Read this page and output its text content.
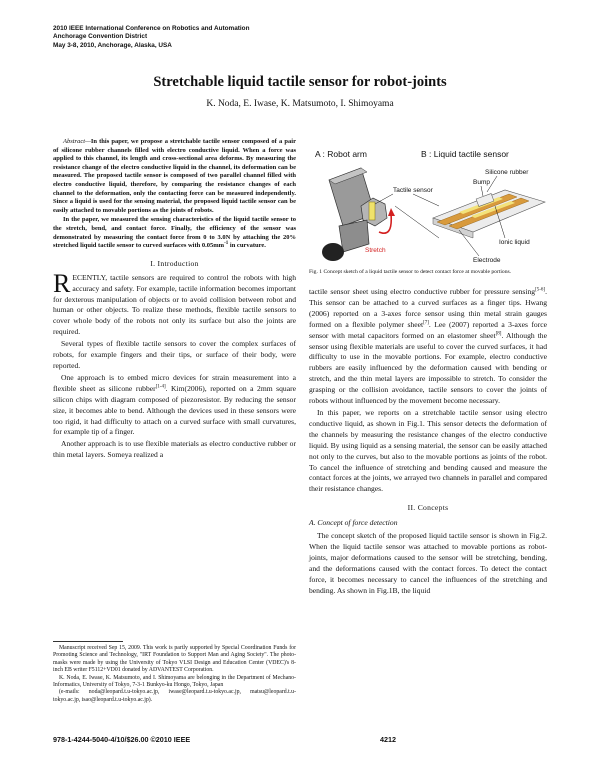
2010 IEEE International Conference on Robotics and Automation
Anchorage Convention District
May 3-8, 2010, Anchorage, Alaska, USA
Stretchable liquid tactile sensor for robot-joints
K. Noda, E. Iwase, K. Matsumoto, I. Shimoyama

Abstract—In this paper, we propose a stretchable tactile sensor composed of a pair of silicone rubber channels filled with electro conductive liquid. When a force was applied to this channel, its length and cross-sectional area deforms. By measuring the resistance change of the electro conductive liquid in the channel, its deformation can be measured. The proposed tactile sensor is composed of two parallel channel filled with electro conductive liquid, therefore, by comparing the resistance changes of each channel to the deformation, only the contacting force can be measured independently. Since a liquid is used for the sensing material, the proposed liquid tactile sensor can be easily attached to movable portions as the joints of robots.

In the paper, we measured the sensing characteristics of the liquid tactile sensor to the stretch, bend, and contact force. Finally, the efficiency of the sensor was demonstrated by measuring the contact force from 0 to 3.0N by attaching the 20% stretched liquid tactile sensor to curved surfaces with $0.05mm^{-1}$ in curvature.

I. Introduction

RECENTLY, tactile sensors are required to control the robots with high accuracy and safety. For example, tactile information becomes important for dexterous manipulation of objects or to avoid collision between robot and human or other objects. To realize these methods, flexible tactile sensors to cover whole body of the robots not only its surface but also the joints are required.

Several types of flexible tactile sensors to cover the complex surfaces of robots, for example fingers and their tips, or surface of their body, were reported.

One approach is to embed micro devices for strain measurement into a flexible sheet as silicone rubber[1-4]. Kim(2006), reported on a 2mm square silicon chips with diagram composed of piezoresistor. By reducing the sensor size, it becomes able to bend. Although the devices used in these sensors were too rigid, it had difficulty to attach on a curved surface with small curvatures, for example tip of a finger.

Another approach is to use flexible materials as electro conductive rubber or thin metal layers. Someya realized a

Manuscript received Sep 15, 2009. This work is partly supported by Special Coordination Funds for Promoting Science and Technology, "IRT Foundation to Support Man and Aging Society". The photo-masks were made by using the University of Tokyo VLSI Design and Education Center (VDEC)'s 8-inch EB writer F5112+VD01 donated by ADVANTEST Corporation.

K. Noda, E. Iwase, K. Matsumoto, and I. Shimoyama are belonging in the Department of Mechano-Informatics, University of Tokyo, 7-3-1 Bunkyo-ku Hongo, Tokyo, Japan

(e-mails: noda@leopard.t.u-tokyo.ac.jp, iwase@leopard.t.u-tokyo.ac.jp, matsu@leopard.t.u-tokyo.ac.jp, isao@leopard.t.u-tokyo.ac.jp).

A : Robot arm
Stretch
Tactile sensor
B : Liquid tactile sensor
Silicone rubber
Bump
Ionic liquid
Electrode
Fig. 1 Concept sketch of a liquid tactile sensor to detect contact force at movable portions.

tactile sensor sheet using electro conductive rubber for pressure sensing[5-6]. This sensor can be attached to a curved surfaces as a finger tips. Hwang (2006) reported on a 3-axes force sensor using thin metal strain gauges formed on a flexible polymer sheet[7]. Lee (2007) reported a 3-axes force sensor with metal capacitors formed on an elastomer sheet[8]. Although the sensor using flexible materials are useful to cover the curved surfaces, it had difficulty to use in the movable portions. For example, electro conductive rubbers are easily influenced by the deformation caused with bending or stretch, and the thin metal layers are impossible to stretch. To consider the grasping or the collision avoidance, tactile sensors to cover the joints of robots without influenced by the movement become necessary.

In this paper, we reports on a stretchable tactile sensor using electro conductive liquid, as shown in Fig.1. This sensor detects the deformation of the channels by measuring the resistance changes of the electro conductive liquid. By using liquid as a sensing material, the sensor can be easily attached not only to the curves, but also to the movable portions as joints of the robot. To cancel the influence of stretching and bending caused and measure the contact forces at the joints, we arrayed two channels in parallel and compared their resistance changes.

II. Concepts
A. Concept of force detection

The concept sketch of the proposed liquid tactile sensor is shown in Fig.2. When the liquid tactile sensor was attached to movable portions as robot-joints, major deformations caused to the sensor will be stretching, bending, and the deformations caused with the contact forces. To detect the contact force, it becomes necessary to cancel the influences of the stretching and bending. As shown in Fig.1B, the liquid

978-1-4244-5040-4/10/$26.00 ©2010 IEEE	4212
